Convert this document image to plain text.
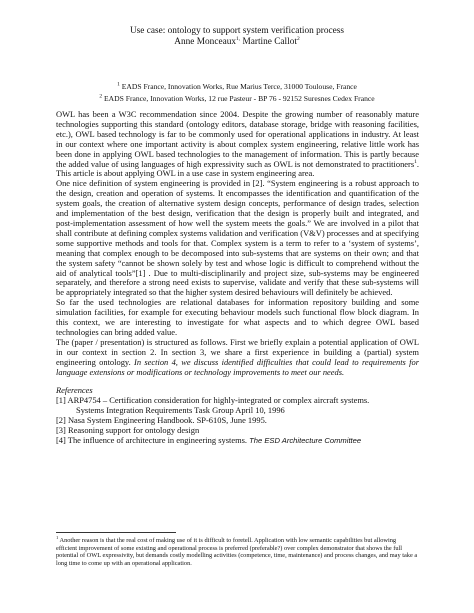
Use case: ontology to support system verification process
Anne Monceaux$^{1,}$ Martine Callot$^2$
$^1$ EADS France, Innovation Works, Rue Marius Terce, 31000 Toulouse, France
$^2$ EADS France, Innovation Works, 12 rue Pasteur - BP 76 - 92152 Suresnes Cedex France

OWL has been a W3C recommendation since 2004. Despite the growing number of reasonably mature technologies supporting this standard (ontology editors, database storage, bridge with reasoning facilities, etc.), OWL based technology is far to be commonly used for operational applications in industry. At least in our context where one important activity is about complex system engineering, relative little work has been done in applying OWL based technologies to the management of information. This is partly because the added value of using languages of high expressivity such as OWL is not demonstrated to practitioners$^1$. This article is about applying OWL in a use case in system engineering area.

One nice definition of system engineering is provided in [2]. “System engineering is a robust approach to the design, creation and operation of systems. It encompasses the identification and quantification of the system goals, the creation of alternative system design concepts, performance of design trades, selection and implementation of the best design, verification that the design is properly built and integrated, and post-implementation assessment of how well the system meets the goals.” We are involved in a pilot that shall contribute at defining complex systems validation and verification (V&V) processes and at specifying some supportive methods and tools for that. Complex system is a term to refer to a ‘system of systems’, meaning that complex enough to be decomposed into sub-systems that are systems on their own; and that the system safety “cannot be shown solely by test and whose logic is difficult to comprehend without the aid of analytical tools”[1] . Due to multi-disciplinarily and project size, sub-systems may be engineered separately, and therefore a strong need exists to supervise, validate and verify that these sub-systems will be appropriately integrated so that the higher system desired behaviours will definitely be achieved.

So far the used technologies are relational databases for information repository building and some simulation facilities, for example for executing behaviour models such functional flow block diagram. In this context, we are interesting to investigate for what aspects and to which degree OWL based technologies can bring added value.

The (paper / presentation) is structured as follows. First we briefly explain a potential application of OWL in our context in section 2. In section 3, we share a first experience in building a (partial) system engineering ontology. In section 4, we discuss identified difficulties that could lead to requirements for language extensions or modifications or technology improvements to meet our needs.

References

[1] ARP4754 – Certification consideration for highly-integrated or complex aircraft systems.
Systems Integration Requirements Task Group April 10, 1996
[2] Nasa System Engineering Handbook. SP-610S, June 1995.
[3] Reasoning support for ontology design
[4] The influence of architecture in engineering systems. The ESD Architecture Committee
$^1$ Another reason is that the real cost of making use of it is difficult to foretell. Application with low semantic capabilities but allowing efficient improvement of some existing and operational process is preferred (preferable?) over complex demonstrator that shows the full potential of OWL expressivity, but demands costly modelling activities (competence, time, maintenance) and process changes, and may take a long time to come up with an operational application.
